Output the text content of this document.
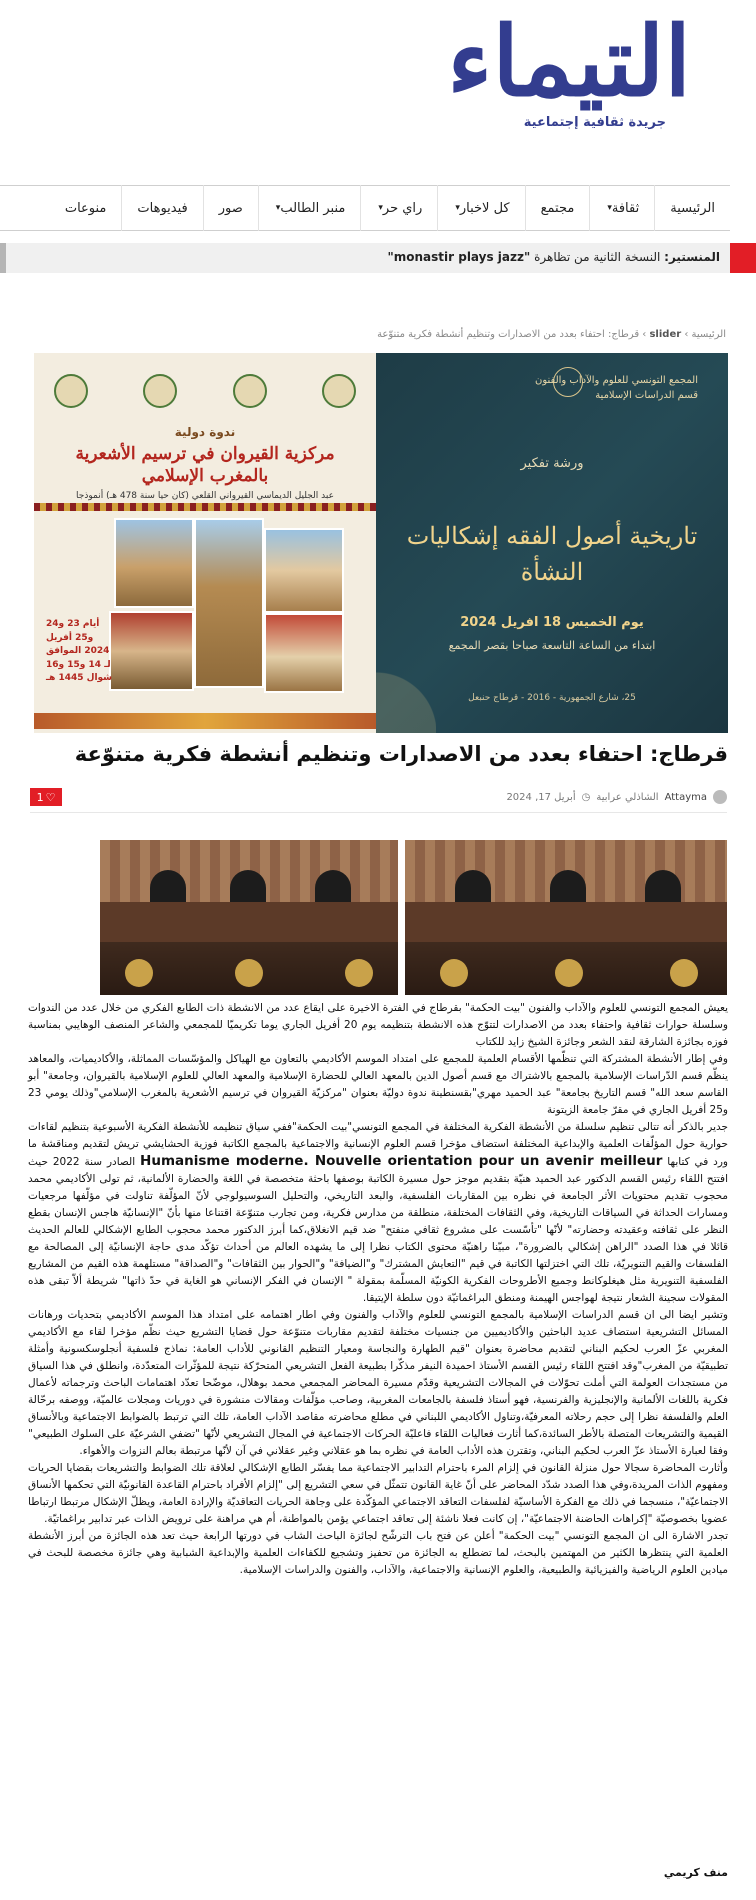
التيماء
جريدة ثقافية إجتماعية
الرئيسية
ثقافة
▾
مجتمع
كل لاخبار
▾
راي حر
▾
منبر الطالب
▾
صور
فيديوهات
منوعات
المنستير: النسخة الثانية من تظاهرة "monastir plays jazz"
الرئيسية › slider › قرطاج: احتفاء بعدد من الاصدارات وتنظيم أنشطة فكرية متنوّعة
ندوة دولية
مركزية القيروان في ترسيم الأشعرية بالمغرب الإسلامي
عبد الجليل الديماسي القيرواني القلعي (كان حيا سنة 478 هـ) أنموذجا
أيام 23 و24 و25 أفريل 2024 الموافق لـ 14 و15 و16 شوال 1445 هـ
المجمع التونسي للعلوم والآداب والفنون
قسم الدراسات الإسلامية
ورشة تفكير
تاريخية أصول الفقه إشكاليات النشأة
يوم الخميس 18 افريل 2024
ابتداء من الساعة التاسعة صباحا بقصر المجمع
25، شارع الجمهورية - 2016 - قرطاج حنبعل
قرطاج: احتفاء بعدد من الاصدارات وتنظيم أنشطة فكرية متنوّعة
Attayma
الشاذلي عرابية
◷
أبريل 17, 2024
1 ♡

يعيش المجمع التونسي للعلوم والآداب والفنون "بيت الحكمة" بقرطاج في الفترة الاخيرة على ايقاع عدد من الانشطة ذات الطابع الفكري من خلال عدد من الندوات وسلسلة حوارات ثقافية واحتفاء بعدد من الاصدارات لتتوّج هذه الانشطة بتنظيمه يوم 20 أفريل الجاري يوما تكريميّا للمجمعي والشاعر المنصف الوهايبي بمناسبة فوزه بجائزة الشارقة لنقد الشعر وجائزة الشيخ زايد للكتاب

وفي إطار الأنشطة المشتركة التي تنظّمها الأقسام العلمية للمجمع على امتداد الموسم الأكاديمي بالتعاون مع الهياكل والمؤسّسات المماثلة، والأكاديميات، والمعاهد ينظّم قسم الدّراسات الإسلامية بالمجمع بالاشتراك مع قسم أصول الدين بالمعهد العالي للحضارة الإسلامية والمعهد العالي للعلوم الإسلامية بالقيروان، وجامعة" أبو القاسم سعد الله" قسم التاريخ بجامعة" عبد الحميد مهري"بقسنطينة ندوة دوليّة بعنوان "مركزيّة القيروان في ترسيم الأشعرية بالمغرب الإسلامي"وذلك يومي 23 و25 أفريل الجاري في مقرّ جامعة الزيتونة

جدير بالذكر أنه تتالى تنظيم سلسلة من الأنشطة الفكرية المختلفة في المجمع التونسي"بيت الحكمة"ففي سياق تنظيمه للأنشطة الفكرية الأسبوعية بتنظيم لقاءات حوارية حول المؤلّفات العلمية والإبداعية المختلفة استضاف مؤخرا قسم العلوم الإنسانية والاجتماعية بالمجمع الكاتبة فوزية الحشايشي تريش لتقديم ومناقشة ما ورد في كتابها Humanisme moderne. Nouvelle orientation pour un avenir meilleur الصادر سنة 2022 حيث افتتح اللقاء رئيس القسم الدكتور عبد الحميد هنيّة بتقديم موجز حول مسيرة الكاتبة بوصفها باحثة متخصصة في اللغة والحضارة الألمانية، ثم تولى الأكاديمي محمد محجوب تقديم محتويات الأثر الجامعة في نظره بين المقاربات الفلسفية، والبعد التاريخي، والتحليل السوسيولوجي لأنّ المؤلّفة تناولت في مؤلّفها مرجعيات ومسارات الحداثة في السياقات التاريخية، وفي الثقافات المختلفة، منطلقة من مدارس فكرية، ومن تجارب متنوّعة اقتناعا منها بأنّ "الإنسانيّة هاجس الإنسان بقطع النظر على ثقافته وعقيدته وحضارته" لأنّها "تأسّست على مشروع ثقافي منفتح" ضد قيم الانغلاق،كما أبرز الدكتور محمد محجوب الطابع الإشكالي للعالم الحديث قائلا في هذا الصدد "الراهن إشكالي بالضرورة"، مبيّنا راهنيّة محتوى الكتاب نظرا إلى ما يشهده العالم من أحداث تؤكّد مدى حاجة الإنسانيّة إلى المصالحة مع الفلسفات والقيم التنويريّة، تلك التي اختزلتها الكاتبة في قيم "التعايش المشترك" و"الضيافة" و"الحوار بين الثقافات" و"الصداقة" مستلهمة هذه القيم من المشاريع الفلسفية التنويرية مثل هيغلوكانط وجميع الأطروحات الفكرية الكونيّة المسلّمة بمقولة " الإنسان في الفكر الإنساني هو الغاية في حدّ ذاتها" شريطة ألاّ تبقى هذه المقولات سجينة الشعار نتيجة لهواجس الهيمنة ومنطق البراغماتيّة دون سلطة الإيتيقا.

وتشير ايضا الى ان قسم الدراسات الإسلامية بالمجمع التونسي للعلوم والآداب والفنون وفي اطار اهتمامه على امتداد هذا الموسم الأكاديمي بتحديات ورهانات المسائل التشريعية استضاف عديد الباحثين والأكاديميين من جنسيات مختلفة لتقديم مقاربات متنوّعة حول قضايا التشريع حيث نظّم مؤخرا لقاء مع الأكاديمي المغربي عزّ العرب لحكيم البناني لتقديم محاضرة بعنوان "قيم الطهارة والنجاسة ومعيار التنظيم القانوني للأداب العامة: نماذج فلسفية أنجلوسكسونية وأمثلة تطبيقيّة من المغرب"وقد افتتح اللقاء رئيس القسم الأستاذ احميدة النيفر مذكّرا بطبيعة الفعل التشريعي المتحرّكة نتيجة للمؤثّرات المتعدّدة، وانطلق في هذا السياق من مستجدات العولمة التي أملت تحوّلات في المجالات التشريعية وقدّم مسيرة المحاضر المجمعي محمد بوهلال، موضّحا تعدّد اهتمامات الباحث وترجماته لأعمال فكرية باللغات الألمانية والإنجليزية والفرنسية، فهو أستاذ فلسفة بالجامعات المغربية، وصاحب مؤلّفات ومقالات منشورة في دوريات ومجلات عالميّة، ووصفه برحّالة العلم والفلسفة نظرا إلى حجم رحلاته المعرفيّة،وتناول الأكاديمي اللبناني في مطلع محاضرته مقاصد الآداب العامة، تلك التي ترتبط بالضوابط الاجتماعية وبالأنساق القيمية والتشريعات المتصلة بالأطر السائدة،كما أثارت فعاليات اللقاء فاعليّة الحركات الاجتماعية في المجال التشريعي لأنّها "تضفي الشرعيّة على السلوك الطبيعي" وفقا لعبارة الأستاذ عزّ العرب لحكيم البناني، وتقترن هذه الأداب العامة في نظره بما هو عقلاني وغير عقلاني في آن لأنّها مرتبطة بعالم النزوات والأهواء.

وأثارت المحاضرة سجالا حول منزلة القانون في إلزام المرء باحترام التدابير الاجتماعية مما يفسّر الطابع الإشكالي لعلاقة تلك الضوابط والتشريعات بقضايا الحريات ومفهوم الذات المريدة،وفي هذا الصدد شدّد المحاضر على أنّ غاية القانون تتمثّل في سعي التشريع إلى "إلزام الأفراد باحترام القاعدة القانونيّة التي تحكمها الأنساق الاجتماعيّة"، منسجما في ذلك مع الفكرة الأساسيّة لفلسفات التعاقد الاجتماعي المؤكّدة على وجاهة الحريات التعاقديّة والإرادة العامة، ويظلّ الإشكال مرتبطا ارتباطا عضويا بخصوصيّة "إكراهات الحاضنة الاجتماعيّة"، إن كانت فعلا ناشئة إلى تعاقد اجتماعي يؤمن بالمواطنة، أم هي مراهنة على ترويض الذات عبر تدابير براغماتيّة.

تجدر الاشارة الى ان المجمع التونسي "بيت الحكمة" أعلن عن فتح باب الترشّح لجائزة الباحث الشاب في دورتها الرابعة حيث تعد هذه الجائزة من أبرز الأنشطة العلمية التي ينتظرها الكثير من المهتمين بالبحث، لما تضطلع به الجائزة من تحفيز وتشجيع للكفاءات العلمية والإبداعية الشبابية وهي جائزة مخصصة للبحث في ميادين العلوم الرياضية والفيزيائية والطبيعية، والعلوم الإنسانية والاجتماعية، والآداب، والفنون والدراسات الإسلامية.

منف كريمي
